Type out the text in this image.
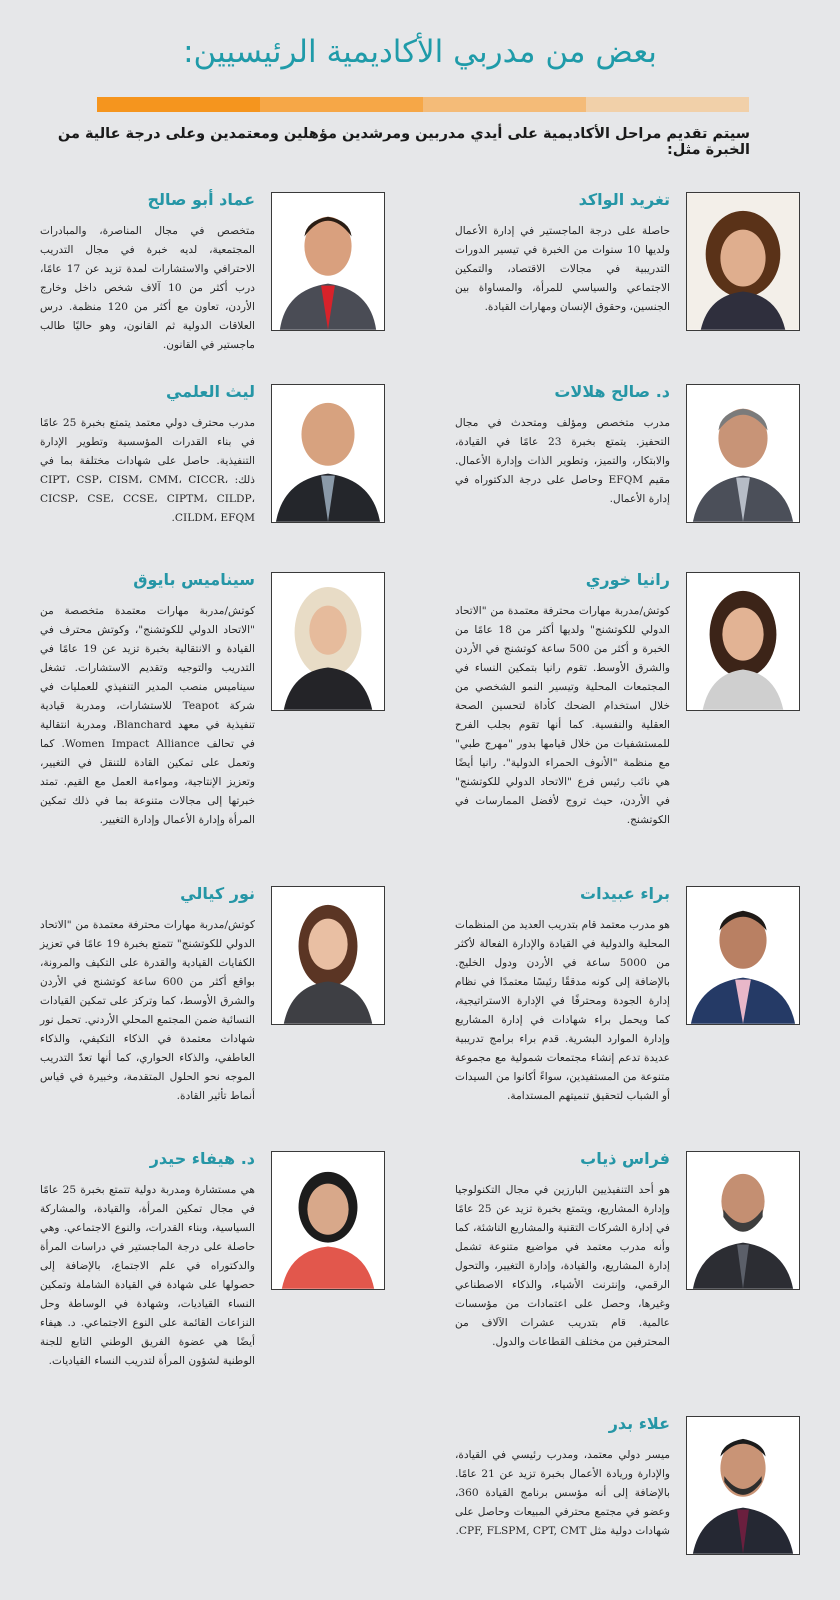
بعض من مدربي الأكاديمية الرئيسيين:

سيتم تقديم مراحل الأكاديمية على أيدي مدربين ومرشدين مؤهلين ومعتمدين وعلى درجة عالية من الخبرة مثل:

تغريد الواكد

حاصلة على درجة الماجستير في إدارة الأعمال ولديها 10 سنوات من الخبرة في تيسير الدورات التدريبية في مجالات الاقتصاد، والتمكين الاجتماعي والسياسي للمرأة، والمساواة بين الجنسين، وحقوق الإنسان ومهارات القيادة.

عماد أبو صالح

متخصص في مجال المناصرة، والمبادرات المجتمعية، لديه خبرة في مجال التدريب الاحترافي والاستشارات لمدة تزيد عن 17 عامًا، درب أكثر من 10 آلاف شخص داخل وخارج الأردن، تعاون مع أكثر من 120 منظمة. درس العلاقات الدولية ثم القانون، وهو حاليًا طالب ماجستير في القانون.

د. صالح هلالات

مدرب متخصص ومؤلف ومتحدث في مجال التحفيز. يتمتع بخبرة 23 عامًا في القيادة، والابتكار، والتميز، وتطوير الذات وإدارة الأعمال. مقيم EFQM وحاصل على درجة الدكتوراه في إدارة الأعمال.

ليث العلمي

مدرب محترف دولي معتمد يتمتع بخبرة 25 عامًا في بناء القدرات المؤسسية وتطوير الإدارة التنفيذية. حاصل على شهادات مختلفة بما في ذلك: CIPT، CSP، CISM، CMM، CICCR، CICSP، CSE، CCSE، CIPTM، CILDP، CILDM، EFQM.

رانيا خوري

كوتش/مدربة مهارات محترفة معتمدة من "الاتحاد الدولي للكوتشنج" ولديها أكثر من 18 عامًا من الخبرة و أكثر من 500 ساعة كوتشنج في الأردن والشرق الأوسط. تقوم رانيا بتمكين النساء في المجتمعات المحلية وتيسير النمو الشخصي من خلال استخدام الضحك كأداة لتحسين الصحة العقلية والنفسية. كما أنها تقوم بجلب الفرح للمستشفيات من خلال قيامها بدور "مهرج طبي" مع منظمة "الأنوف الحمراء الدولية". رانيا أيضًا هي نائب رئيس فرع "الاتحاد الدولي للكوتشنج" في الأردن، حيث تروج لأفضل الممارسات في الكوتشنج.

سيناميس بايوق

كوتش/مدربة مهارات معتمدة متخصصة من "الاتحاد الدولي للكوتشنج"، وكوتش محترف في القيادة و الانتقالية بخبرة تزيد عن 19 عامًا في التدريب والتوجيه وتقديم الاستشارات. تشغل سيناميس منصب المدير التنفيذي للعمليات في شركة Teapot للاستشارات، ومدربة قيادية تنفيذية في معهد Blanchard، ومدربة انتقالية في تحالف Women Impact Alliance. كما وتعمل على تمكين القادة للتنقل في التغيير، وتعزيز الإنتاجية، ومواءمة العمل مع القيم. تمتد خبرتها إلى مجالات متنوعة بما في ذلك تمكين المرأة وإدارة الأعمال وإدارة التغيير.

براء عبيدات

هو مدرب معتمد قام بتدريب العديد من المنظمات المحلية والدولية في القيادة والإدارة الفعالة لأكثر من 5000 ساعة في الأردن ودول الخليج. بالإضافة إلى كونه مدققًا رئيسًا معتمدًا في نظام إدارة الجودة ومحترفًا في الإدارة الاستراتيجية، كما ويحمل براء شهادات في إدارة المشاريع وإدارة الموارد البشرية. قدم براء برامج تدريبية عديدة تدعم إنشاء مجتمعات شمولية مع مجموعة متنوعة من المستفيدين، سواءً أكانوا من السيدات أو الشباب لتحقيق تنميتهم المستدامة.

نور كيالي

كوتش/مدربة مهارات محترفة معتمدة من "الاتحاد الدولي للكوتشنج" تتمتع بخبرة 19 عامًا في تعزيز الكفايات القيادية والقدرة على التكيف والمرونة، بواقع أكثر من 600 ساعة كوتشنج في الأردن والشرق الأوسط، كما وتركز على تمكين القيادات النسائية ضمن المجتمع المحلي الأردني. تحمل نور شهادات معتمدة في الذكاء التكيفي، والذكاء العاطفي، والذكاء الحواري، كما أنها تعدّ التدريب الموجه نحو الحلول المتقدمة، وخبيرة في قياس أنماط تأثير القادة.

فراس ذياب

هو أحد التنفيذيين البارزين في مجال التكنولوجيا وإدارة المشاريع، ويتمتع بخبرة تزيد عن 25 عامًا في إدارة الشركات التقنية والمشاريع الناشئة، كما وأنه مدرب معتمد في مواضيع متنوعة تشمل إدارة المشاريع، والقيادة، وإدارة التغيير، والتحول الرقمي، وإنترنت الأشياء، والذكاء الاصطناعي وغيرها، وحصل على اعتمادات من مؤسسات عالمية. قام بتدريب عشرات الآلاف من المحترفين من مختلف القطاعات والدول.

د. هيفاء حيدر

هي مستشارة ومدربة دولية تتمتع بخبرة 25 عامًا في مجال تمكين المرأة، والقيادة، والمشاركة السياسية، وبناء القدرات، والنوع الاجتماعي. وهي حاصلة على درجة الماجستير في دراسات المرأة والدكتوراه في علم الاجتماع، بالإضافة إلى حصولها على شهادة في القيادة الشاملة وتمكين النساء القياديات، وشهادة في الوساطة وحل النزاعات القائمة على النوع الاجتماعي. د. هيفاء أيضًا هي عضوة الفريق الوطني التابع للجنة الوطنية لشؤون المرأة لتدريب النساء القياديات.

علاء بدر

ميسر دولي معتمد، ومدرب رئيسي في القيادة، والإدارة وريادة الأعمال بخبرة تزيد عن 21 عامًا. بالإضافة إلى أنه مؤسس برنامج القيادة 360، وعضو في مجتمع محترفي المبيعات وحاصل على شهادات دولية مثل CPF, FLSPM, CPT, CMT.
